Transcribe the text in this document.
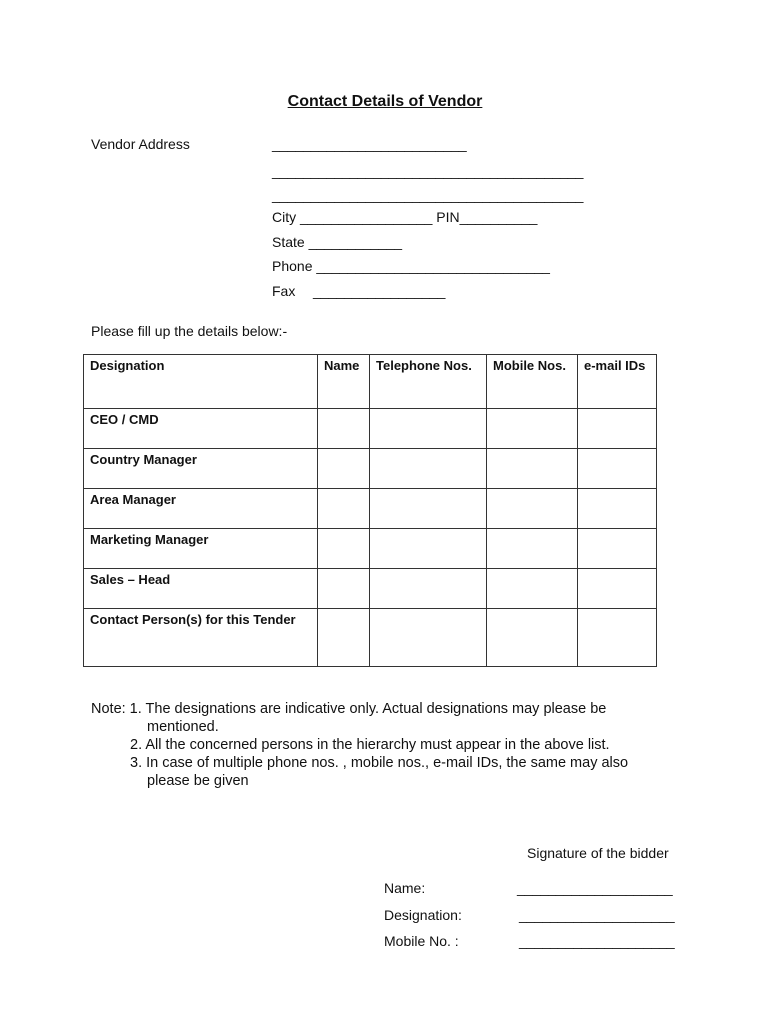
Contact Details of Vendor
Vendor Address	_________________________
________________________________________
________________________________________
City _________________ PIN__________
State ____________
Phone ______________________________
Fax _________________
Please fill up the details below:-
Designation	Name	Telephone Nos.	Mobile Nos.	e-mail IDs
CEO / CMD				
Country Manager				
Area Manager				
Marketing Manager				
Sales – Head				
Contact Person(s) for this Tender				
Note: 1. The designations are indicative only. Actual designations may please be
mentioned.
2. All the concerned persons in the hierarchy must appear in the above list.
3. In case of multiple phone nos. , mobile nos., e-mail IDs, the same may also
please be given
Signature of the bidder
Name:	____________________
Designation:	____________________
Mobile No. :	____________________
